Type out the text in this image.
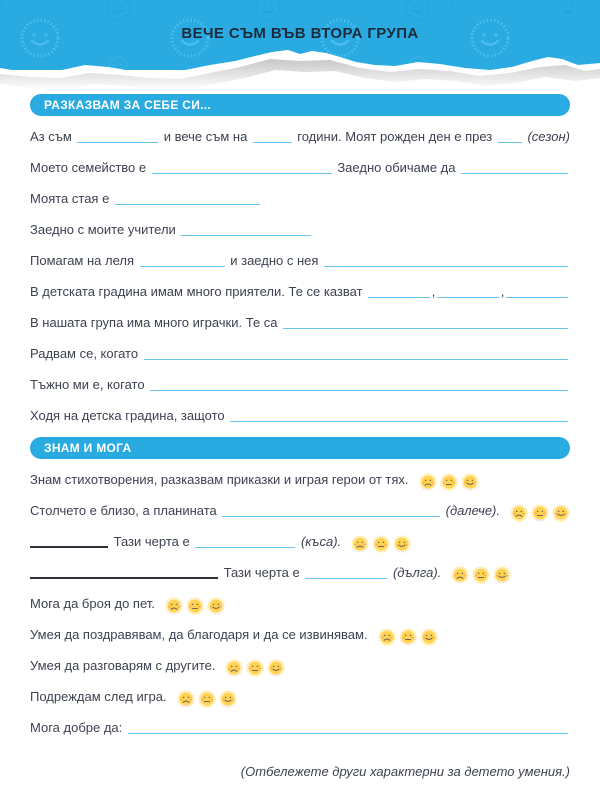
ВЕЧЕ СЪМ ВЪВ ВТОРА ГРУПА
РАЗКАЗВАМ ЗА СЕБЕ СИ...
Аз съм	и вече съм на	години. Моят рожден ден е през (сезон)
Моето семейство е	Заедно обичаме да
Моята стая е
Заедно с моите учители
Помагам на леля	и заедно с нея
В детската градина имам много приятели. Те се казват	,	,
В нашата група има много играчки. Те са
Радвам се, когато
Тъжно ми е, когато
Ходя на детска градина, защото
ЗНАМ И МОГА
Знам стихотворения, разказвам приказки и играя герои от тях.
Столчето е близо, а планината	(далече).
Тази черта е	(къса).
Тази черта е	(дълга).
Мога да броя до пет.
Умея да поздравявам, да благодаря и да се извинявам.
Умея да разговарям с другите.
Подреждам след игра.
Мога добре да:
(Отбележете други характерни за детето умения.)
